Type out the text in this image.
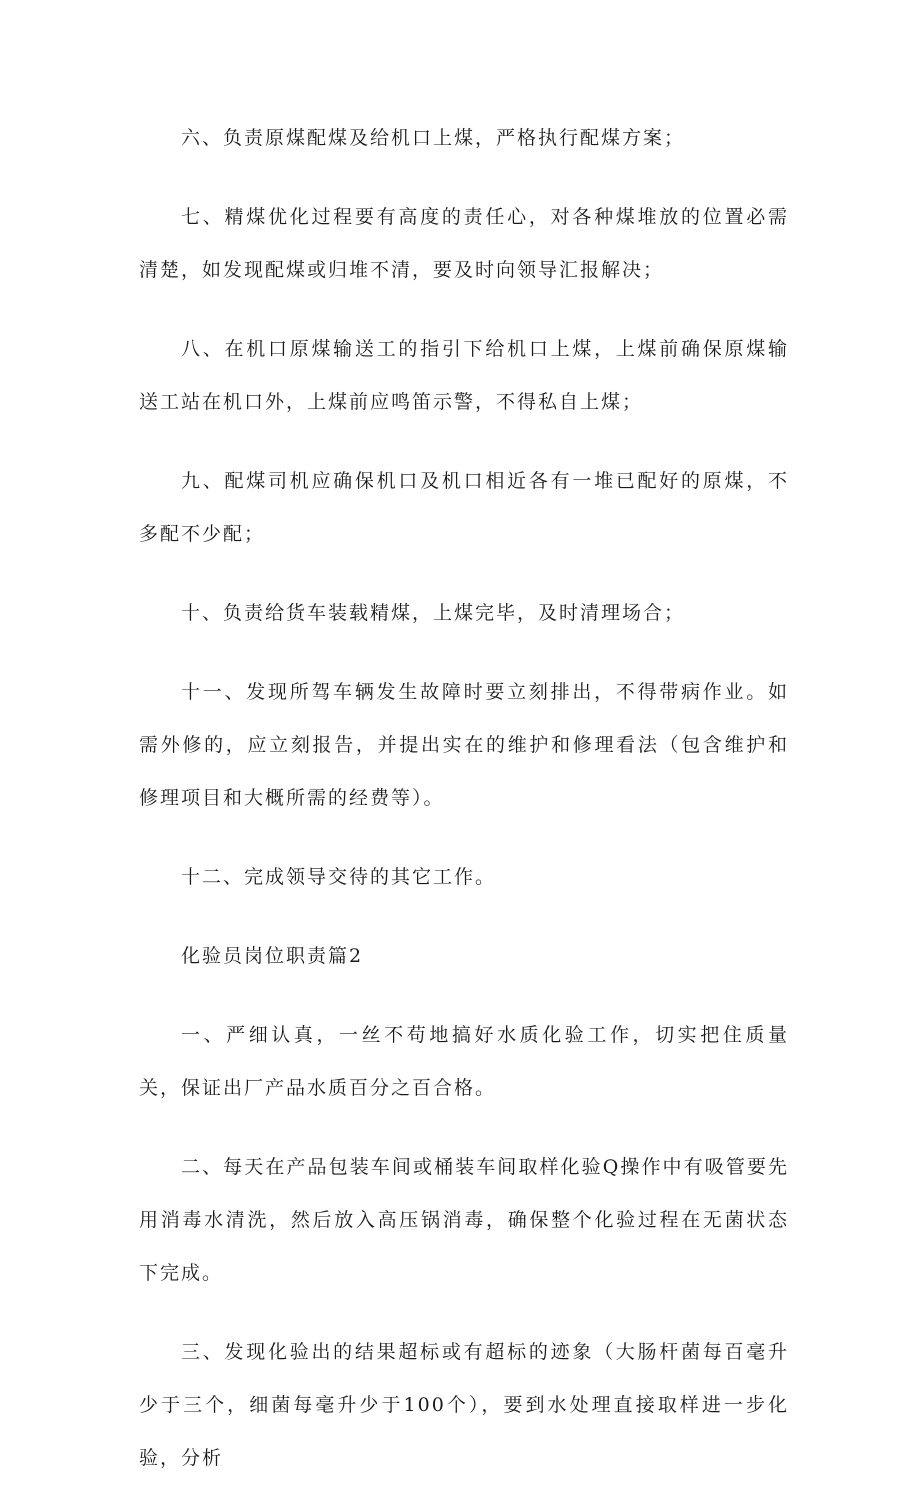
六、负责原煤配煤及给机口上煤，严格执行配煤方案；

七、精煤优化过程要有高度的责任心，对各种煤堆放的位置必需清楚，如发现配煤或归堆不清，要及时向领导汇报解决；

八、在机口原煤输送工的指引下给机口上煤，上煤前确保原煤输送工站在机口外，上煤前应鸣笛示警，不得私自上煤；

九、配煤司机应确保机口及机口相近各有一堆已配好的原煤，不多配不少配；

十、负责给货车装载精煤，上煤完毕，及时清理场合；

十一、发现所驾车辆发生故障时要立刻排出，不得带病作业。如需外修的，应立刻报告，并提出实在的维护和修理看法（包含维护和修理项目和大概所需的经费等）。

十二、完成领导交待的其它工作。

化验员岗位职责篇2

一、严细认真，一丝不苟地搞好水质化验工作，切实把住质量关，保证出厂产品水质百分之百合格。

二、每天在产品包装车间或桶装车间取样化验Q操作中有吸管要先用消毒水清洗，然后放入高压锅消毒，确保整个化验过程在无菌状态下完成。

三、发现化验出的结果超标或有超标的迹象（大肠杆菌每百毫升少于三个，细菌每毫升少于100个），要到水处理直接取样进一步化验，分析
